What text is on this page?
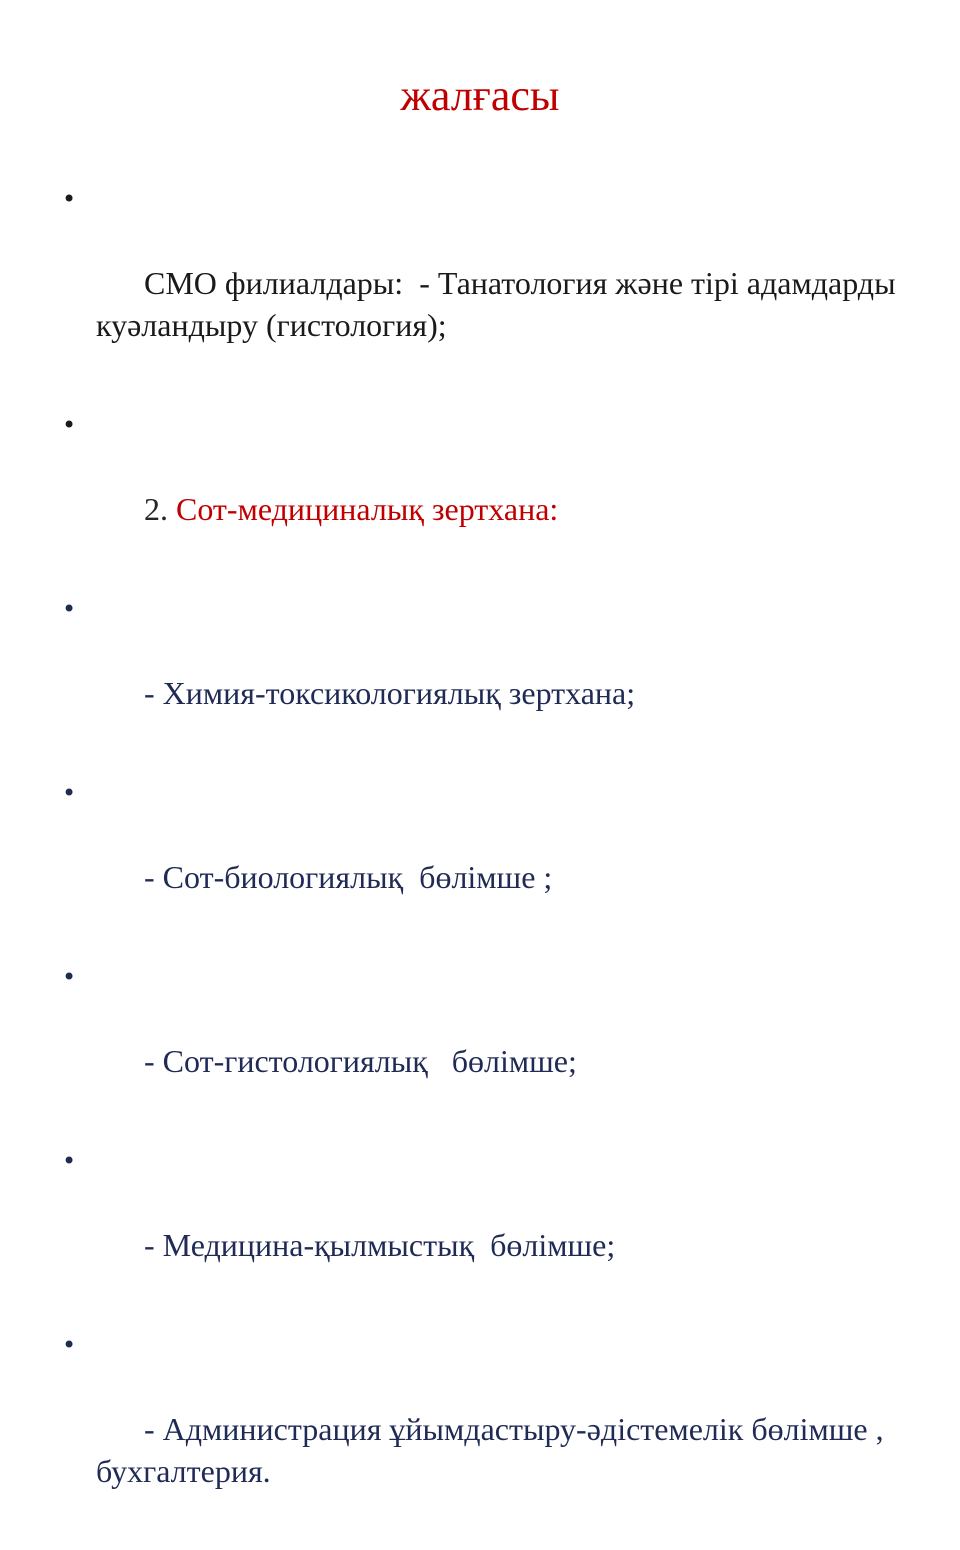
жалғасы

•

СМО филиалдары:  - Танатология және тірі адамдарды куәландыру (гистология);

•

2. Сот-медициналық зертхана:

•

- Химия-токсикологиялық зертхана;

•

- Сот-биологиялық  бөлімше ;

•

- Сот-гистологиялық   бөлімше;

•

- Медицина-қылмыстық  бөлімше;

•

- Администрация ұйымдастыру-әдістемелік бөлімше , бухгалтерия.
